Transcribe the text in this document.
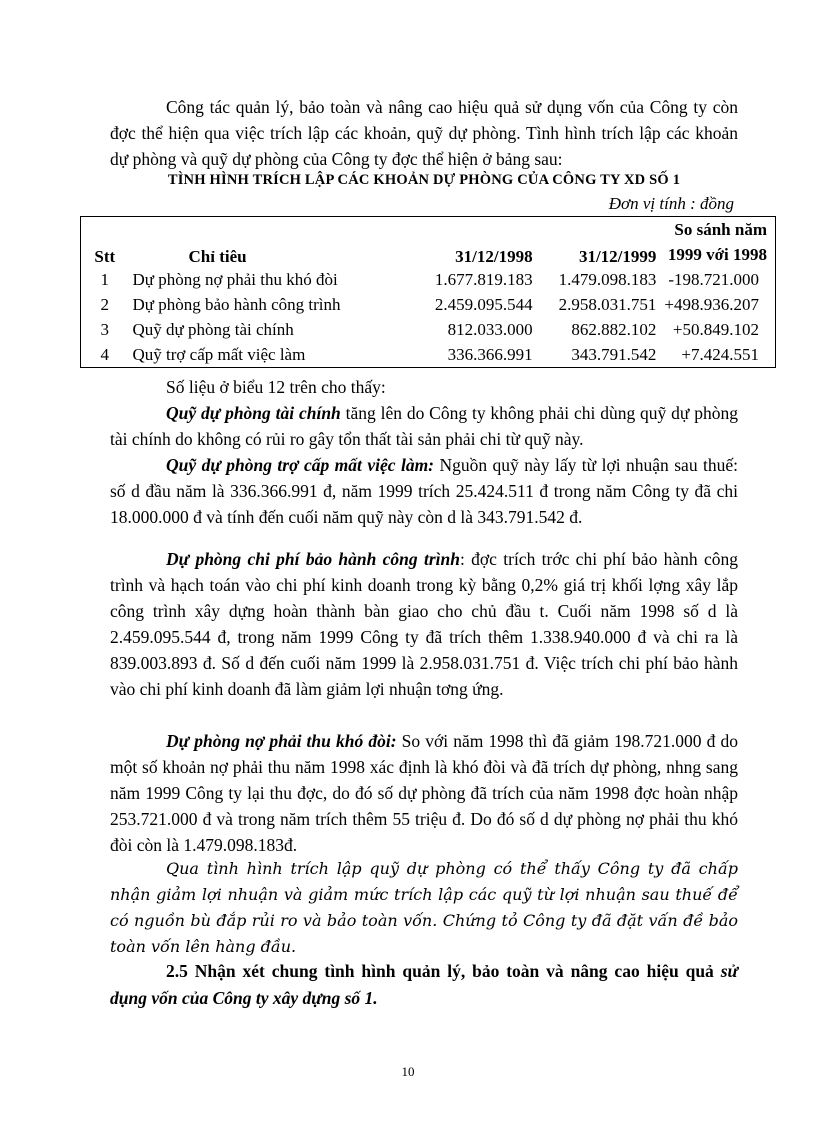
Công tác quản lý, bảo toàn và nâng cao hiệu quả sử dụng vốn của Công ty còn đợc thể hiện qua việc trích lập các khoản, quỹ dự phòng. Tình hình trích lập các khoản dự phòng và quỹ dự phòng của Công ty đợc thể hiện ở bảng sau:

TÌNH HÌNH TRÍCH LẬP CÁC KHOẢN DỰ PHÒNG CỦA CÔNG TY XD SỐ 1
Đơn vị tính : đồng
Stt	Chỉ tiêu	31/12/1998	31/12/1999	So sánh năm
1999 với 1998

1	Dự phòng nợ phải thu khó đòi	1.677.819.183	1.479.098.183	-198.721.000
2	Dự phòng bảo hành công trình	2.459.095.544	2.958.031.751	+498.936.207
3	Quỹ dự phòng tài chính	812.033.000	862.882.102	+50.849.102
4	Quỹ trợ cấp mất việc làm	336.366.991	343.791.542	+7.424.551

Số liệu ở biểu 12 trên cho thấy:

Quỹ dự phòng tài chính tăng lên do Công ty không phải chi dùng quỹ dự phòng tài chính do không có rủi ro gây tổn thất tài sản phải chi từ quỹ này.

Quỹ dự phòng trợ cấp mất việc làm: Nguồn quỹ này lấy từ lợi nhuận sau thuế: số d đầu năm là 336.366.991 đ, năm 1999 trích 25.424.511 đ trong năm Công ty đã chi 18.000.000 đ và tính đến cuối năm quỹ này còn d là 343.791.542 đ.

Dự phòng chi phí bảo hành công trình: đợc trích trớc chi phí bảo hành công trình và hạch toán vào chi phí kinh doanh trong kỳ bằng 0,2% giá trị khối lợng xây lắp công trình xây dựng hoàn thành bàn giao cho chủ đầu t. Cuối năm 1998 số d là 2.459.095.544 đ, trong năm 1999 Công ty đã trích thêm 1.338.940.000 đ và chi ra là 839.003.893 đ. Số d đến cuối năm 1999 là 2.958.031.751 đ. Việc trích chi phí bảo hành vào chi phí kinh doanh đã làm giảm lợi nhuận tơng ứng.

Dự phòng nợ phải thu khó đòi: So với năm 1998 thì đã giảm 198.721.000 đ do một số khoản nợ phải thu năm 1998 xác định là khó đòi và đã trích dự phòng, nhng sang năm 1999 Công ty lại thu đợc, do đó số dự phòng đã trích của năm 1998 đợc hoàn nhập 253.721.000 đ và trong năm trích thêm 55 triệu đ. Do đó số d dự phòng nợ phải thu khó đòi còn là 1.479.098.183đ.

Qua tình hình trích lập quỹ dự phòng có thể thấy Công ty đã chấp nhận giảm lợi nhuận và giảm mức trích lập các quỹ từ lợi nhuận sau thuế để có nguồn bù đắp rủi ro và bảo toàn vốn. Chứng tỏ Công ty đã đặt vấn đề bảo toàn vốn lên hàng đầu.

2.5 Nhận xét chung tình hình quản lý, bảo toàn và nâng cao hiệu quả sử dụng vốn của Công ty xây dựng số 1.

10
